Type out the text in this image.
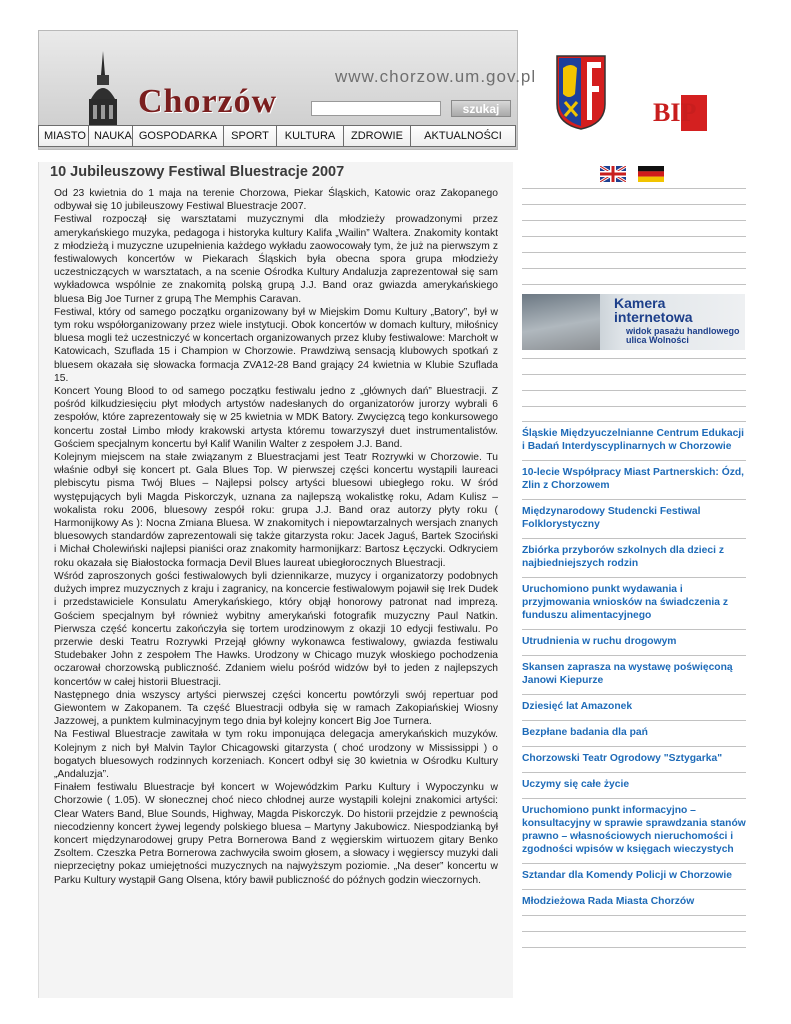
Chorzów
www.chorzow.um.gov.pl
szukaj
MIASTO NAUKA GOSPODARKA	SPORT	KULTURA	ZDROWIE	AKTUALNOŚCI
BIP
10 Jubileuszowy Festiwal Bluestracje 2007

Od 23 kwietnia do 1 maja na terenie Chorzowa, Piekar Śląskich, Katowic oraz Zakopanego odbywał się 10 jubileuszowy Festiwal Bluestracje 2007.

Festiwal rozpoczął się warsztatami muzycznymi dla młodzieży prowadzonymi przez amerykańskiego muzyka, pedagoga i historyka kultury Kalifa „Wailin” Waltera. Znakomity kontakt z młodzieżą i muzyczne uzupełnienia każdego wykładu zaowocowały tym, że już na pierwszym z festiwalowych koncertów w Piekarach Śląskich była obecna spora grupa młodzieży uczestniczących w warsztatach, a na scenie Ośrodka Kultury Andaluzja zaprezentował się sam wykładowca wspólnie ze znakomitą polską grupą J.J. Band oraz gwiazda amerykańskiego bluesa Big Joe Turner z grupą The Memphis Caravan.

Festiwal, który od samego początku organizowany był w Miejskim Domu Kultury „Batory”, był w tym roku współorganizowany przez wiele instytucji. Obok koncertów w domach kultury, miłośnicy bluesa mogli też uczestniczyć w koncertach organizowanych przez kluby festiwalowe: Marchołt w Katowicach, Szuflada 15 i Champion w Chorzowie. Prawdziwą sensacją klubowych spotkań z bluesem okazała się słowacka formacja ZVA12-28 Band grający 24 kwietnia w Klubie Szuflada 15.

Koncert Young Blood to od samego początku festiwalu jedno z „głównych dań” Bluestracji. Z pośród kilkudziesięciu płyt młodych artystów nadesłanych do organizatorów jurorzy wybrali 6 zespołów, które zaprezentowały się w 25 kwietnia w MDK Batory. Zwycięzcą tego konkursowego koncertu został Limbo młody krakowski artysta któremu towarzyszył duet instrumentalistów. Gościem specjalnym koncertu był Kalif Wanilin Walter z zespołem J.J. Band.

Kolejnym miejscem na stałe związanym z Bluestracjami jest Teatr Rozrywki w Chorzowie. Tu właśnie odbył się koncert pt. Gala Blues Top. W pierwszej części koncertu wystąpili laureaci plebiscytu pisma Twój Blues – Najlepsi polscy artyści bluesowi ubiegłego roku. W śród występujących byli Magda Piskorczyk, uznana za najlepszą wokalistkę roku, Adam Kulisz – wokalista roku 2006, bluesowy zespół roku: grupa J.J. Band oraz autorzy płyty roku ( Harmonijkowy As ): Nocna Zmiana Bluesa. W znakomitych i niepowtarzalnych wersjach znanych bluesowych standardów zaprezentowali się także gitarzysta roku: Jacek Jaguś, Bartek Szociński i Michał Cholewiński najlepsi pianiści oraz znakomity harmonijkarz: Bartosz Łęczycki. Odkryciem roku okazała się Białostocka formacja Devil Blues laureat ubiegłorocznych Bluestracji.

Wśród zaproszonych gości festiwalowych byli dziennikarze, muzycy i organizatorzy podobnych dużych imprez muzycznych z kraju i zagranicy, na koncercie festiwalowym pojawił się Irek Dudek i przedstawiciele Konsulatu Amerykańskiego, który objął honorowy patronat nad imprezą. Gościem specjalnym był również wybitny amerykański fotografik muzyczny Paul Natkin. Pierwsza część koncertu zakończyła się tortem urodzinowym z okazji 10 edycji festiwalu. Po przerwie deski Teatru Rozrywki Przejął główny wykonawca festiwalowy, gwiazda festiwalu Studebaker John z zespołem The Hawks. Urodzony w Chicago muzyk włoskiego pochodzenia oczarował chorzowską publiczność. Zdaniem wielu pośród widzów był to jeden z najlepszych koncertów w całej historii Bluestracji.

Następnego dnia wszyscy artyści pierwszej części koncertu powtórzyli swój repertuar pod Giewontem w Zakopanem. Ta część Bluestracji odbyła się w ramach Zakopiańskiej Wiosny Jazzowej, a punktem kulminacyjnym tego dnia był kolejny koncert Big Joe Turnera.

Na Festiwal Bluestracje zawitała w tym roku imponująca delegacja amerykańskich muzyków. Kolejnym z nich był Malvin Taylor Chicagowski gitarzysta ( choć urodzony w Mississippi ) o bogatych bluesowych rodzinnych korzeniach. Koncert odbył się 30 kwietnia w Ośrodku Kultury „Andaluzja”.

Finałem festiwalu Bluestracje był koncert w Wojewódzkim Parku Kultury i Wypoczynku w Chorzowie ( 1.05). W słonecznej choć nieco chłodnej aurze wystąpili kolejni znakomici artyści: Clear Waters Band, Blue Sounds, Highway, Magda Piskorczyk. Do historii przejdzie z pewnością niecodzienny koncert żywej legendy polskiego bluesa – Martyny Jakubowicz. Niespodzianką był koncert międzynarodowej grupy Petra Bornerowa Band z węgierskim wirtuozem gitary Benko Zsoltem. Czeszka Petra Bornerowa zachwyciła swoim głosem, a słowacy i węgierscy muzyki dali nieprzeciętny pokaz umiejętności muzycznych na najwyższym poziomie. „Na deser” koncertu w Parku Kultury wystąpił Gang Olsena, który bawił publiczność do późnych godzin wieczornych.

Kamera
internetowa
widok pasażu handlowego
ulica Wolności
Śląskie Międzyuczelnianne Centrum Edukacji i Badań Interdyscyplinarnych w Chorzowie
10-lecie Współpracy Miast Partnerskich: Ózd, Zlin z Chorzowem
Międzynarodowy Studencki Festiwal Folklorystyczny
Zbiórka przyborów szkolnych dla dzieci z najbiedniejszych rodzin
Uruchomiono punkt wydawania i przyjmowania wniosków na świadczenia z funduszu alimentacyjnego
Utrudnienia w ruchu drogowym
Skansen zaprasza na wystawę poświęconą Janowi Kiepurze
Dziesięć lat Amazonek
Bezpłane badania dla pań
Chorzowski Teatr Ogrodowy "Sztygarka"
Uczymy się całe życie
Uruchomiono punkt informacyjno – konsultacyjny w sprawie sprawdzania stanów prawno – własnościowych nieruchomości i zgodności wpisów w księgach wieczystych
Sztandar dla Komendy Policji w Chorzowie
Młodzieżowa Rada Miasta Chorzów
